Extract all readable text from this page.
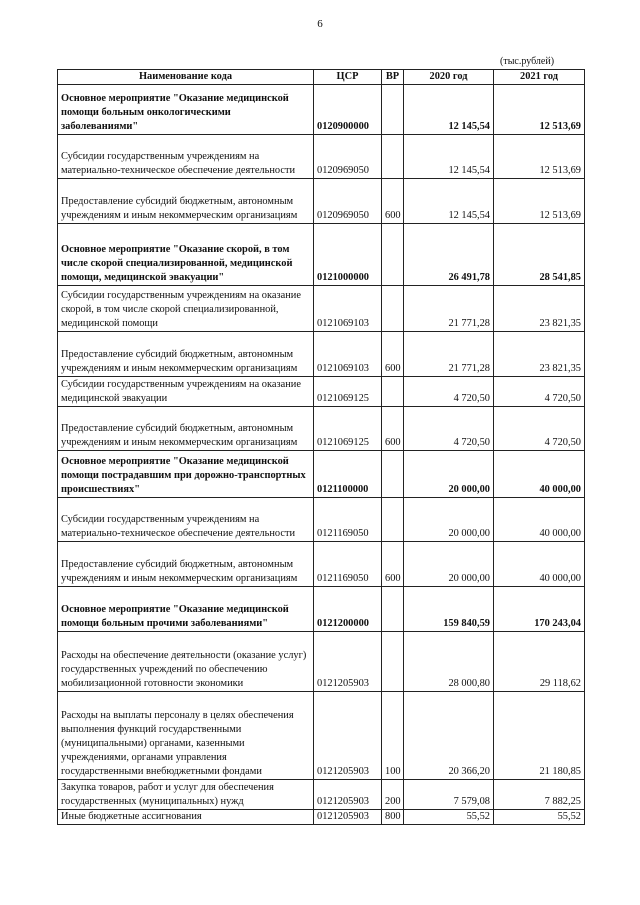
6
(тыс.рублей)
Наименование кода	ЦСР	ВР	2020 год	2021 год
Основное мероприятие "Оказание медицинской помощи больным онкологическими заболеваниями"	0120900000		12 145,54	12 513,69
Субсидии государственным учреждениям на материально-техническое обеспечение деятельности	0120969050		12 145,54	12 513,69
Предоставление субсидий бюджетным, автономным учреждениям и иным некоммерческим организациям	0120969050	600	12 145,54	12 513,69
Основное мероприятие "Оказание скорой, в том числе скорой специализированной, медицинской помощи, медицинской эвакуации"	0121000000		26 491,78	28 541,85
Субсидии государственным учреждениям на оказание скорой, в том числе скорой специализированной, медицинской помощи	0121069103		21 771,28	23 821,35
Предоставление субсидий бюджетным, автономным учреждениям и иным некоммерческим организациям	0121069103	600	21 771,28	23 821,35
Субсидии государственным учреждениям на оказание медицинской эвакуации	0121069125		4 720,50	4 720,50
Предоставление субсидий бюджетным, автономным учреждениям и иным некоммерческим организациям	0121069125	600	4 720,50	4 720,50
Основное мероприятие "Оказание медицинской помощи пострадавшим при дорожно-транспортных происшествиях"	0121100000		20 000,00	40 000,00
Субсидии государственным учреждениям на материально-техническое обеспечение деятельности	0121169050		20 000,00	40 000,00
Предоставление субсидий бюджетным, автономным учреждениям и иным некоммерческим организациям	0121169050	600	20 000,00	40 000,00
Основное мероприятие "Оказание медицинской помощи больным прочими заболеваниями"	0121200000		159 840,59	170 243,04
Расходы на обеспечение деятельности (оказание услуг) государственных учреждений по обеспечению мобилизационной готовности экономики	0121205903		28 000,80	29 118,62
Расходы на выплаты персоналу в целях обеспечения выполнения функций государственными (муниципальными) органами, казенными учреждениями, органами управления государственными внебюджетными фондами	0121205903	100	20 366,20	21 180,85
Закупка товаров, работ и услуг для обеспечения государственных (муниципальных) нужд	0121205903	200	7 579,08	7 882,25
Иные бюджетные ассигнования	0121205903	800	55,52	55,52
